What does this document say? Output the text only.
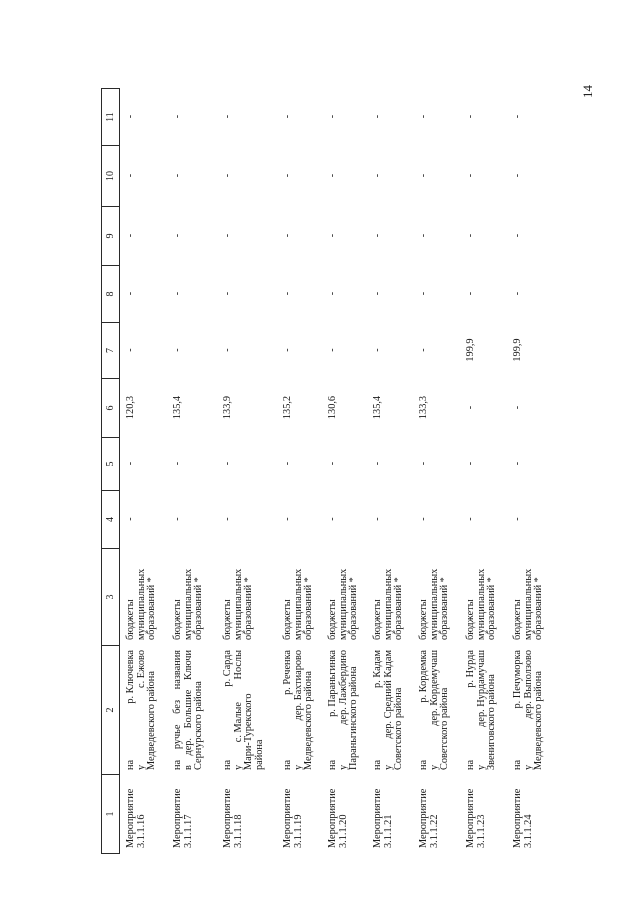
14
1
2
3
4
5
6
7
8
9
10
11
Мероприятие 3.1.1.16
на
р. Ключевка
у
с. Ежово
Медведевского района
бюджеты муниципальных образований *
-
-
120,3
-
-
-
-
-
Мероприятие 3.1.1.17
на
ручье
без
названия
в
дер.
Большие
Ключи
Сернурского района
бюджеты муниципальных образований *
-
-
135,4
-
-
-
-
-
Мероприятие 3.1.1.18
на
р. Сарда
у
с. Малые
Нослы
Мари-Турекского района
бюджеты муниципальных образований *
-
-
133,9
-
-
-
-
-
Мероприятие 3.1.1.19
на
р. Реченка
у
дер. Бахтиарово Медведевского района
бюджеты муниципальных образований *
-
-
135,2
-
-
-
-
-
Мероприятие 3.1.1.20
на
р. Параньгинка
у
дер. Лажбердино Параньгинского района
бюджеты муниципальных образований *
-
-
130,6
-
-
-
-
-
Мероприятие 3.1.1.21
на
р. Кадам
у
дер. Средний Кадам Советского района
бюджеты муниципальных образований *
-
-
135,4
-
-
-
-
-
Мероприятие 3.1.1.22
на
р. Кордемка
у
дер. Кордемучаш Советского района
бюджеты муниципальных образований *
-
-
133,3
-
-
-
-
-
Мероприятие 3.1.1.23
на
р. Нурда
у
дер. Нурдамучаш Звениговского района
бюджеты муниципальных образований *
-
-
-
199,9
-
-
-
-
Мероприятие 3.1.1.24
на
р. Печуморка
у
дер. Выползово Медведевского района
бюджеты муниципальных образований *
-
-
-
199,9
-
-
-
-
